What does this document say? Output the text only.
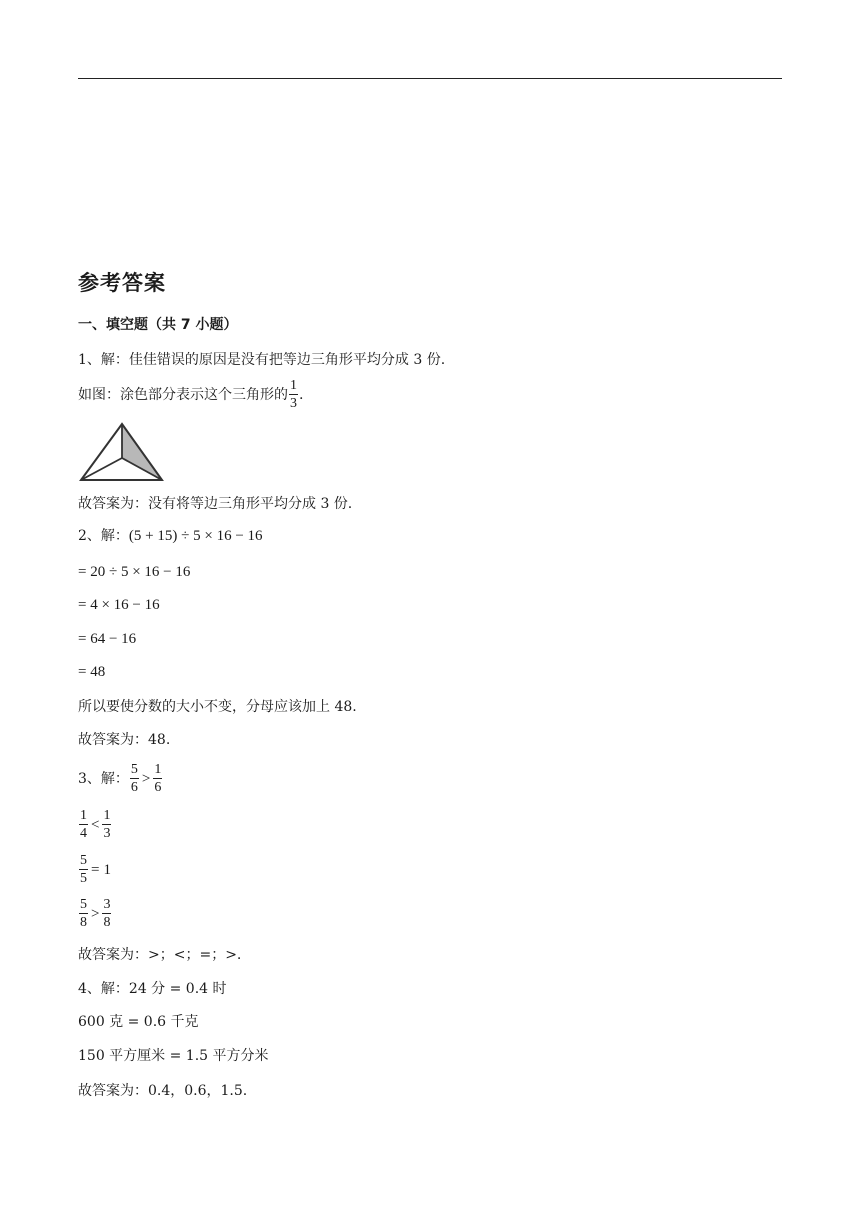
参考答案
一、填空题（共 7 小题）
1、解：佳佳错误的原因是没有把等边三角形平均分成 3 份.
如图：涂色部分表示这个三角形的 $\frac{1}{3}$ .
故答案为：没有将等边三角形平均分成 3 份.
2、解：(5 + 15) ÷ 5 × 16 − 16
= 20 ÷ 5 × 16 − 16
= 4 × 16 − 16
= 64 − 16
= 48
所以要使分数的大小不变，分母应该加上 48.
故答案为：48.
3、解： $\frac{5}{6} > \frac{1}{6}$
$\frac{1}{4} < \frac{1}{3}$
$\frac{5}{5} = 1$
$\frac{5}{8} > \frac{3}{8}$
故答案为：>；<；=；>.
4、解：24 分 = 0.4 时
600 克 = 0.6 千克
150 平方厘米 = 1.5 平方分米
故答案为：0.4，0.6，1.5.
